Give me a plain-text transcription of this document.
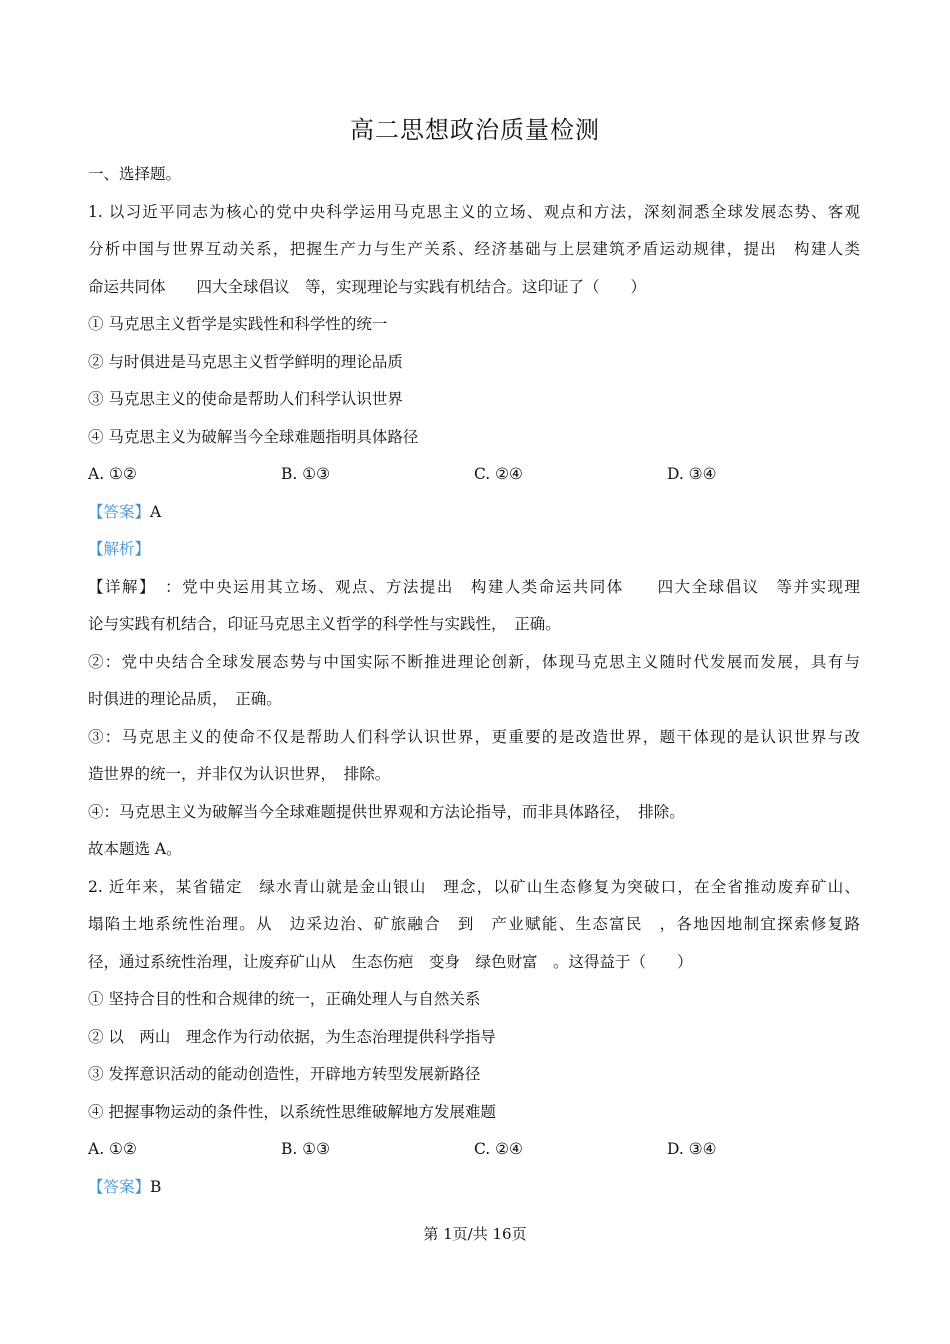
高二思想政治质量检测
一、选择题。
1. 以习近平同志为核心的党中央科学运用马克思主义的立场、观点和方法，深刻洞悉全球发展态势、客观
分析中国与世界互动关系，把握生产力与生产关系、经济基础与上层建筑矛盾运动规律，提出　构建人类
命运共同体　　四大全球倡议　等，实现理论与实践有机结合。这印证了（　　）
① 马克思主义哲学是实践性和科学性的统一
② 与时俱进是马克思主义哲学鲜明的理论品质
③ 马克思主义的使命是帮助人们科学认识世界
④ 马克思主义为破解当今全球难题指明具体路径
A. ①②	B. ①③	C. ②④	D. ③④
【答案】A
【解析】
【详解】　：党中央运用其立场、观点、方法提出　构建人类命运共同体　　四大全球倡议　等并实现理
论与实践有机结合，印证马克思主义哲学的科学性与实践性，　正确。
②：党中央结合全球发展态势与中国实际不断推进理论创新，体现马克思主义随时代发展而发展，具有与
时俱进的理论品质，　正确。
③：马克思主义的使命不仅是帮助人们科学认识世界，更重要的是改造世界，题干体现的是认识世界与改
造世界的统一，并非仅为认识世界，　排除。
④：马克思主义为破解当今全球难题提供世界观和方法论指导，而非具体路径，　排除。
故本题选 A。
2. 近年来，某省锚定　绿水青山就是金山银山　理念，以矿山生态修复为突破口，在全省推动废弃矿山、
塌陷土地系统性治理。从　边采边治、矿旅融合　到　产业赋能、生态富民　，各地因地制宜探索修复路
径，通过系统性治理，让废弃矿山从　生态伤疤　变身　绿色财富　。这得益于（　　）
① 坚持合目的性和合规律的统一，正确处理人与自然关系
② 以　两山　理念作为行动依据，为生态治理提供科学指导
③ 发挥意识活动的能动创造性，开辟地方转型发展新路径
④ 把握事物运动的条件性，以系统性思维破解地方发展难题
A. ①②	B. ①③	C. ②④	D. ③④
【答案】B
第 1页/共 16页
